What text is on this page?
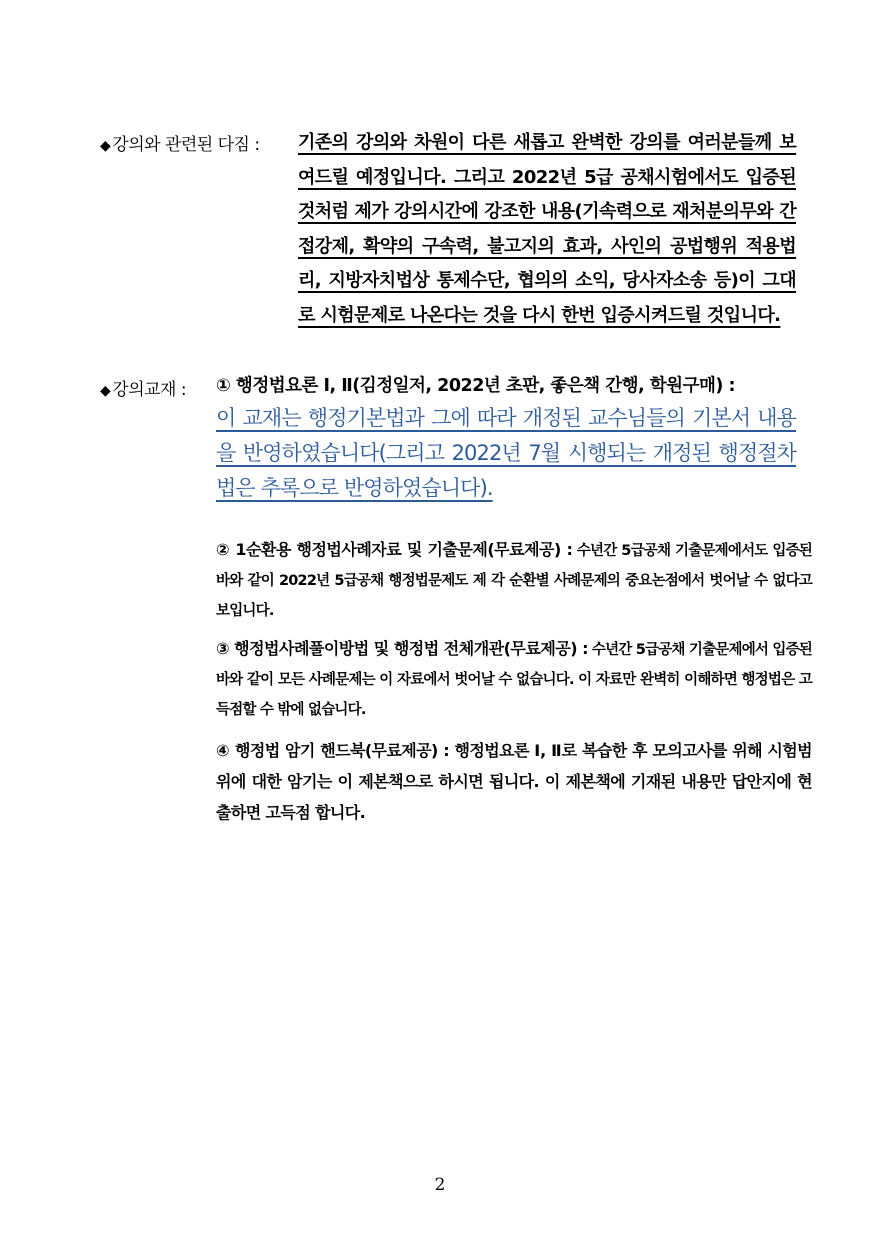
◆ 강의와 관련된 다짐 : 기존의 강의와 차원이 다른 새롭고 완벽한 강의를 여러분들께 보여드릴 예정입니다. 그리고 2022년 5급 공채시험에서도 입증된 것처럼 제가 강의시간에 강조한 내용(기속력으로 재처분의무와 간접강제, 확약의 구속력, 불고지의 효과, 사인의 공법행위 적용법리, 지방자치법상 통제수단, 협의의 소익, 당사자소송 등)이 그대로 시험문제로 나온다는 것을 다시 한번 입증시켜드릴 것입니다.
◆ 강의교재 : ① 행정법요론 Ⅰ, Ⅱ(김정일저, 2022년 초판, 좋은책 간행, 학원구매) :
이 교재는 행정기본법과 그에 따라 개정된 교수님들의 기본서 내용을 반영하였습니다(그리고 2022년 7월 시행되는 개정된 행정절차법은 추록으로 반영하였습니다).
② 1순환용 행정법사례자료 및 기출문제(무료제공) : 수년간 5급공채 기출문제에서도 입증된 바와 같이 2022년 5급공채 행정법문제도 제 각 순환별 사례문제의 중요논점에서 벗어날 수 없다고 보입니다.
③ 행정법사례풀이방법 및 행정법 전체개관(무료제공) : 수년간 5급공채 기출문제에서 입증된 바와 같이 모든 사례문제는 이 자료에서 벗어날 수 없습니다. 이 자료만 완벽히 이해하면 행정법은 고득점할 수 밖에 없습니다.
④ 행정법 암기 핸드북(무료제공) : 행정법요론 Ⅰ, Ⅱ로 복습한 후 모의고사를 위해 시험범위에 대한 암기는 이 제본책으로 하시면 됩니다. 이 제본책에 기재된 내용만 답안지에 현출하면 고득점 합니다.
2
